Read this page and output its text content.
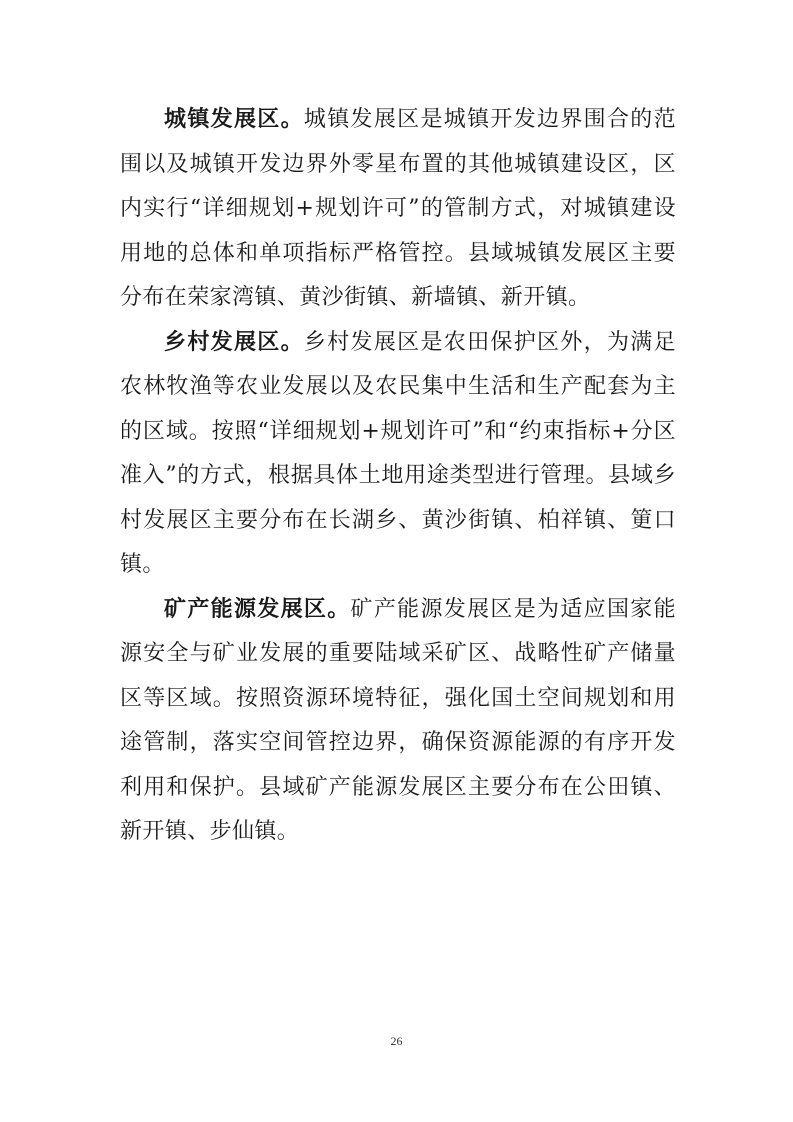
城镇发展区。城镇发展区是城镇开发边界围合的范围以及城镇开发边界外零星布置的其他城镇建设区，区内实行“详细规划+规划许可”的管制方式，对城镇建设用地的总体和单项指标严格管控。县域城镇发展区主要分布在荣家湾镇、黄沙街镇、新墙镇、新开镇。

乡村发展区。乡村发展区是农田保护区外，为满足农林牧渔等农业发展以及农民集中生活和生产配套为主的区域。按照“详细规划+规划许可”和“约束指标+分区准入”的方式，根据具体土地用途类型进行管理。县域乡村发展区主要分布在长湖乡、黄沙街镇、柏祥镇、筻口镇。

矿产能源发展区。矿产能源发展区是为适应国家能源安全与矿业发展的重要陆域采矿区、战略性矿产储量区等区域。按照资源环境特征，强化国土空间规划和用途管制，落实空间管控边界，确保资源能源的有序开发利用和保护。县域矿产能源发展区主要分布在公田镇、新开镇、步仙镇。

26
